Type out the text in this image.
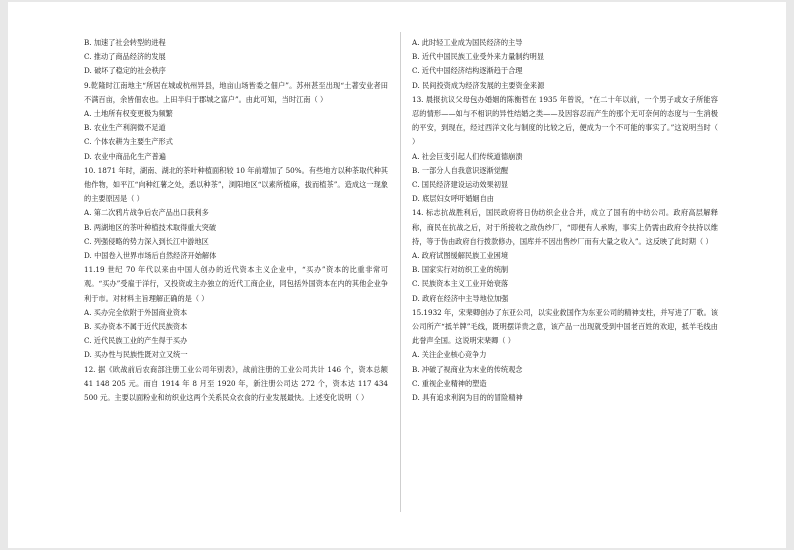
B. 加速了社会转型的进程
C. 推动了商品经济的发展
D. 破坏了稳定的社会秩序
9.乾隆时江南地主“所居在城或杭州异县，地亩山场皆委之佃户”。苏州甚至出现“土著安业者田不满百亩，余皆佃农也。上田半归于郡城之富户”。由此可知，当时江南（ ）
A. 土地所有权变更极为频繁
B. 农业生产利润微不足道
C. 个体农耕为主要生产形式
D. 农业中商品化生产普遍
10. 1871 年时，湖南、湖北的茶叶种植面积较 10 年前增加了 50%。有些地方以种茶取代种其他作物，如平江“向种红薯之处，悉以种茶”，浏阳地区“以素所植麻，拔而植茶”。造成这一现象的主要原因是（ ）
A. 第二次鸦片战争后农产品出口获利多
B. 两湖地区的茶叶种植技术取得重大突破
C. 列强侵略的势力深入到长江中游地区
D. 中国卷入世界市场后自然经济开始解体
11.19 世纪 70 年代以来由中国人创办的近代资本主义企业中，“买办”资本的比重非常可观。“买办”受雇于洋行，又投资或主办独立的近代工商企业，同包括外国资本在内的其他企业争利于市。对材料主旨理解正确的是（ ）
A. 买办完全依附于外国商业资本
B. 买办资本不属于近代民族资本
C. 近代民族工业的产生得于买办
D. 买办性与民族性既对立又统一
12. 据《欧战前后农商部注册工业公司年别表》，战前注册的工业公司共计 146 个，资本总额 41 148 205 元。而自 1914 年 8 月至 1920 年，新注册公司达 272 个，资本达 117 434 500 元。主要以面粉业和纺织业这两个关系民众衣食的行业发展最快。上述变化说明（ ）
A. 此时轻工业成为国民经济的主导
B. 近代中国民族工业受外来力量制约明显
C. 近代中国经济结构逐渐趋于合理
D. 民间投资成为经济发展的主要资金来源
13. 晨报抗议父母包办婚姻的陈衡哲在 1935 年曾说，“在二十年以前，一个男子或女子所能容忍的情形——如与不相识的异性结婚之类——及因容忍而产生的那个无可奈何的态度与一生消极的平安，到现在，经过西洋文化与制度的比较之后，便成为一个不可能的事实了。”这说明当时（ ）
A. 社会巨变引起人们传统道德崩溃
B. 一部分人自我意识逐渐觉醒
C. 国民经济建设运动效果初显
D. 底层妇女呼吁婚姻自由
14. 标志抗战胜利后，国民政府将日伪纺织企业合并，成立了国有的中纺公司。政府高层解释称，商民在抗战之后，对于所接收之敌伪纱厂，“即便有人承购，事实上仍需由政府令扶持以维持，等于伪由政府自行拨款修办，国库并不因出售纱厂而有大量之收入”。这反映了此时期（ ）
A. 政府试图缓解民族工业困境
B. 国家实行对纺织工业的统制
C. 民族资本主义工业开始衰落
D. 政府在经济中主导地位加强
15.1932 年，宋棐卿创办了东亚公司，以实业救国作为东亚公司的精神支柱，并写进了厂歌。该公司所产“抵羊牌”毛线，既明摆详贵之意，该产品一出现就受到中国老百姓的欢迎，抵羊毛线由此誉声全国。这说明宋棐卿（ ）
A. 关注企业核心竞争力
B. 冲破了视商业为末业的传统观念
C. 重视企业精神的塑造
D. 具有追求利润为目的的冒险精神
